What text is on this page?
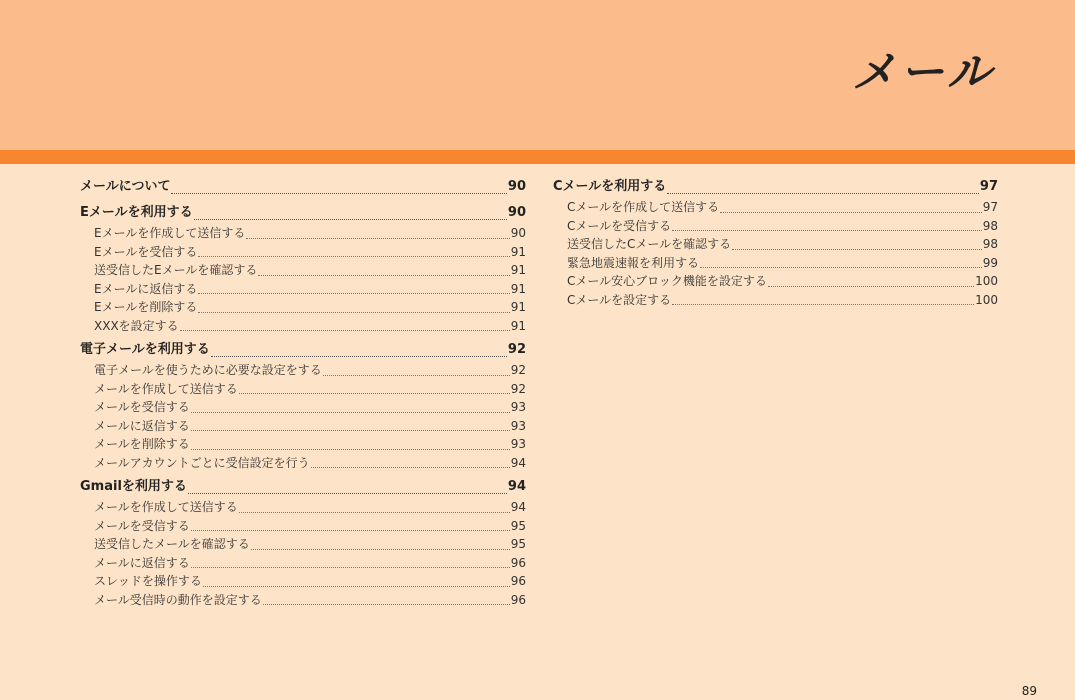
メール
メールについて	90
Eメールを利用する	90
Eメールを作成して送信する	90
Eメールを受信する	91
送受信したEメールを確認する	91
Eメールに返信する	91
Eメールを削除する	91
XXXを設定する	91
電子メールを利用する	92
電子メールを使うために必要な設定をする	92
メールを作成して送信する	92
メールを受信する	93
メールに返信する	93
メールを削除する	93
メールアカウントごとに受信設定を行う	94
Gmailを利用する	94
メールを作成して送信する	94
メールを受信する	95
送受信したメールを確認する	95
メールに返信する	96
スレッドを操作する	96
メール受信時の動作を設定する	96
Cメールを利用する	97
Cメールを作成して送信する	97
Cメールを受信する	98
送受信したCメールを確認する	98
緊急地震速報を利用する	99
Cメール安心ブロック機能を設定する	100
Cメールを設定する	100
89
